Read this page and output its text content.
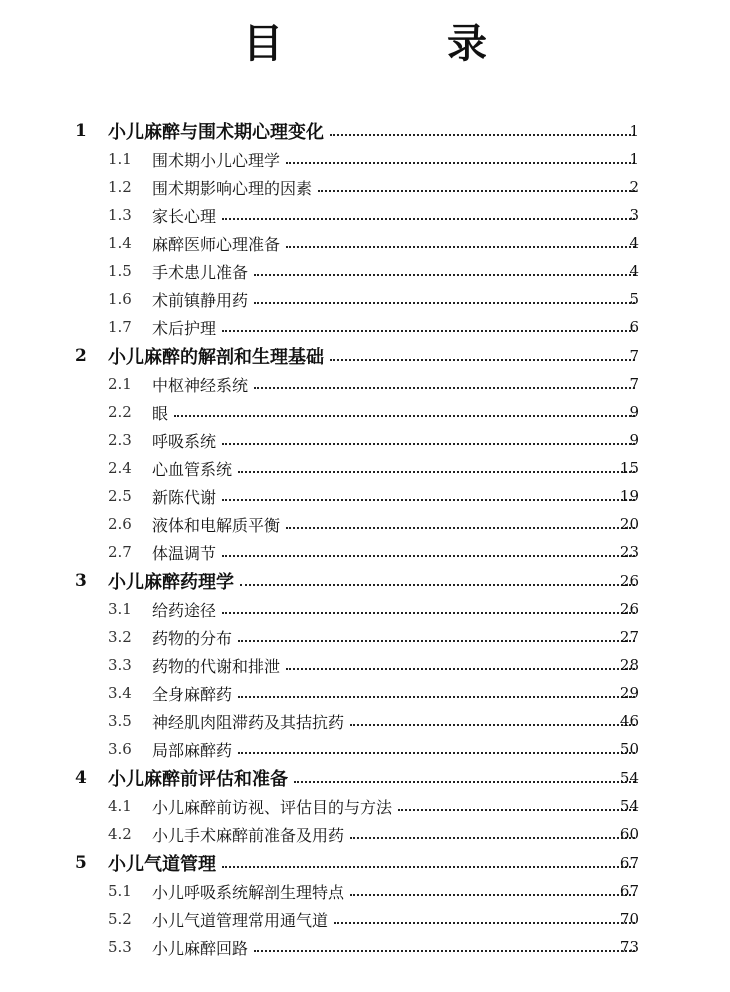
目　录
1 小儿麻醉与围术期心理变化	1
1.1 围术期小儿心理学	1
1.2 围术期影响心理的因素	2
1.3 家长心理	3
1.4 麻醉医师心理准备	4
1.5 手术患儿准备	4
1.6 术前镇静用药	5
1.7 术后护理	6
2 小儿麻醉的解剖和生理基础	7
2.1 中枢神经系统	7
2.2 眼	9
2.3 呼吸系统	9
2.4 心血管系统	15
2.5 新陈代谢	19
2.6 液体和电解质平衡	20
2.7 体温调节	23
3 小儿麻醉药理学	26
3.1 给药途径	26
3.2 药物的分布	27
3.3 药物的代谢和排泄	28
3.4 全身麻醉药	29
3.5 神经肌肉阻滞药及其拮抗药	46
3.6 局部麻醉药	50
4 小儿麻醉前评估和准备	54
4.1 小儿麻醉前访视、评估目的与方法	54
4.2 小儿手术麻醉前准备及用药	60
5 小儿气道管理	67
5.1 小儿呼吸系统解剖生理特点	67
5.2 小儿气道管理常用通气道	70
5.3 小儿麻醉回路	73
